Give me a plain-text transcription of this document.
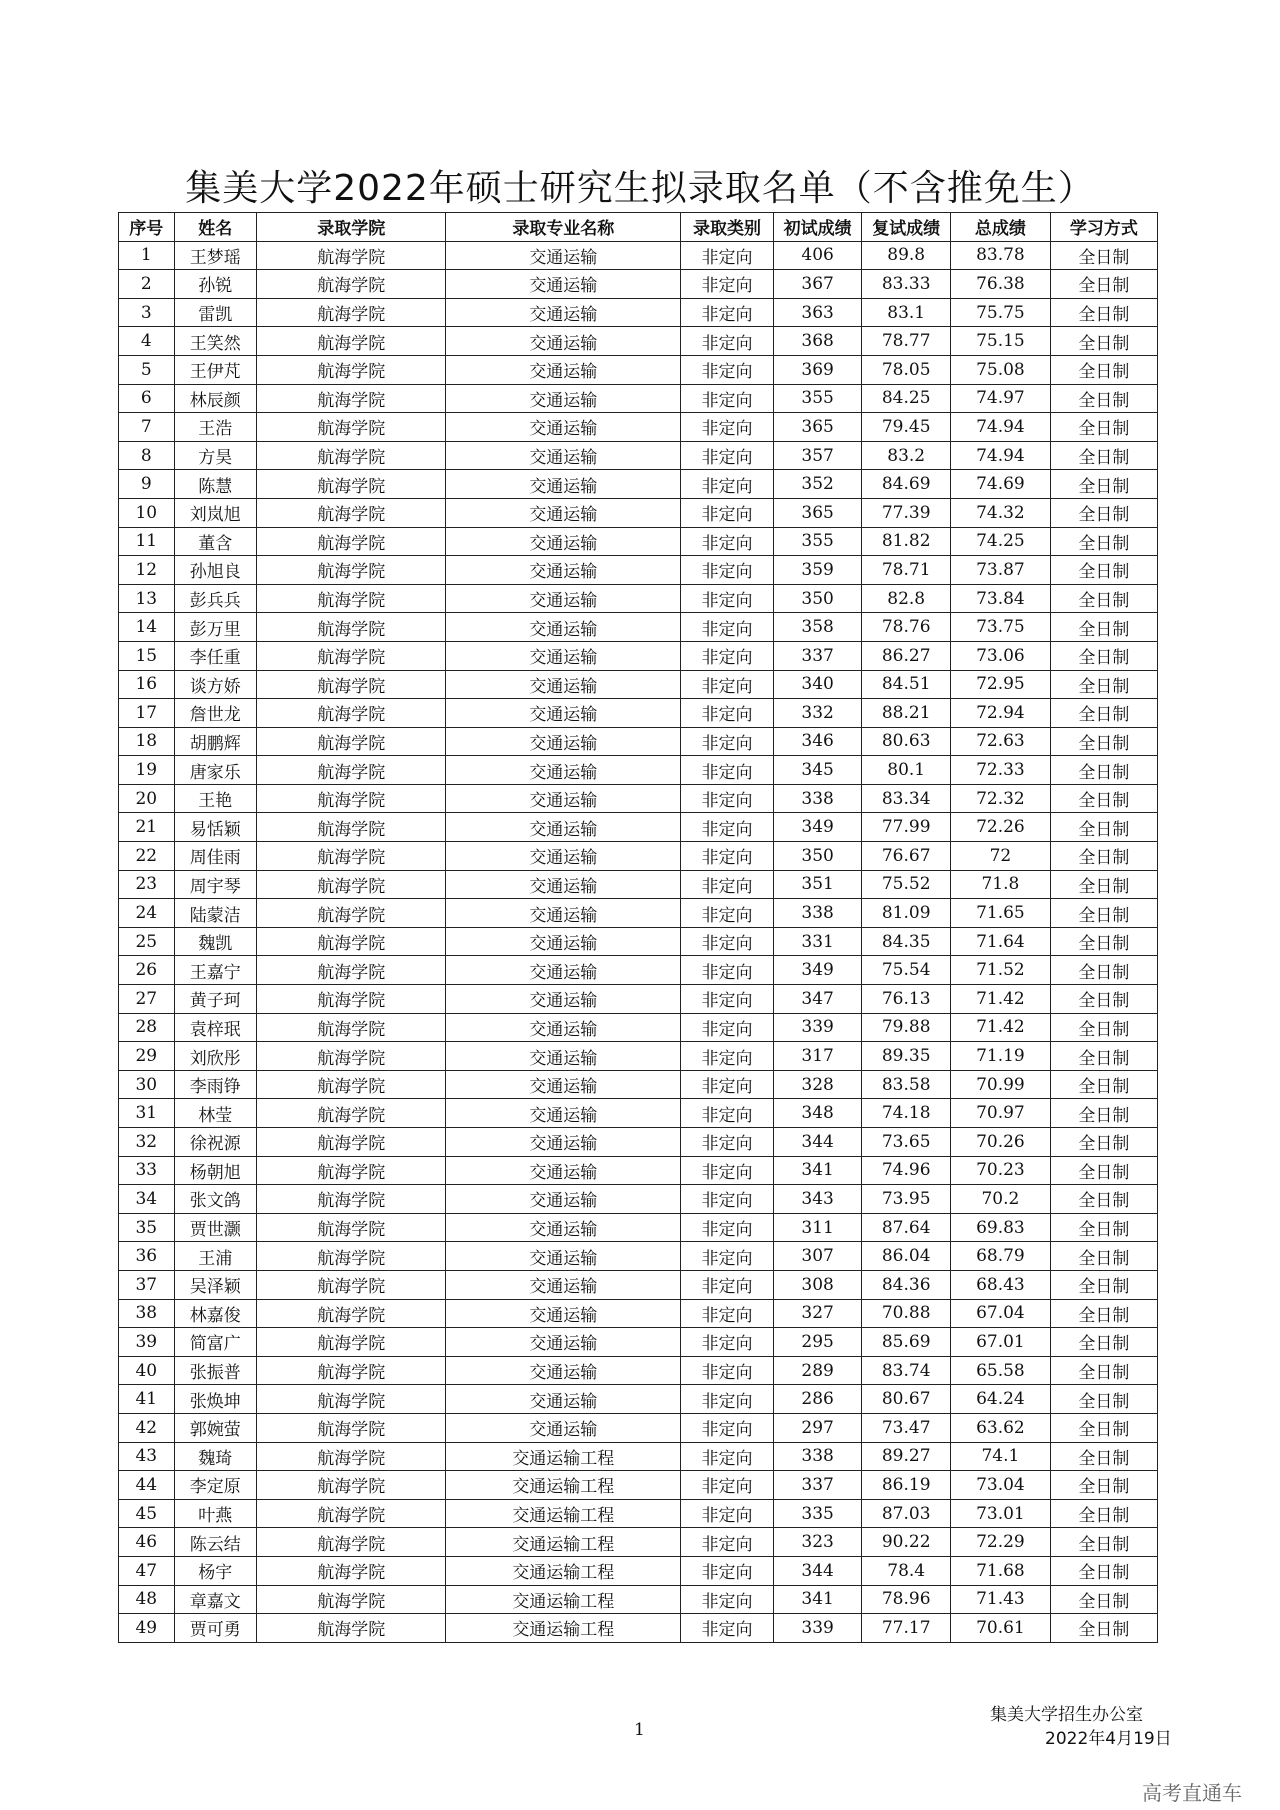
集美大学2022年硕士研究生拟录取名单（不含推免生）
序号	姓名	录取学院	录取专业名称	录取类别	初试成绩	复试成绩	总成绩	学习方式
1	王梦瑶	航海学院	交通运输	非定向	406	89.8	83.78	全日制
2	孙锐	航海学院	交通运输	非定向	367	83.33	76.38	全日制
3	雷凯	航海学院	交通运输	非定向	363	83.1	75.75	全日制
4	王笑然	航海学院	交通运输	非定向	368	78.77	75.15	全日制
5	王伊芃	航海学院	交通运输	非定向	369	78.05	75.08	全日制
6	林辰颜	航海学院	交通运输	非定向	355	84.25	74.97	全日制
7	王浩	航海学院	交通运输	非定向	365	79.45	74.94	全日制
8	方昊	航海学院	交通运输	非定向	357	83.2	74.94	全日制
9	陈慧	航海学院	交通运输	非定向	352	84.69	74.69	全日制
10	刘岚旭	航海学院	交通运输	非定向	365	77.39	74.32	全日制
11	董含	航海学院	交通运输	非定向	355	81.82	74.25	全日制
12	孙旭良	航海学院	交通运输	非定向	359	78.71	73.87	全日制
13	彭兵兵	航海学院	交通运输	非定向	350	82.8	73.84	全日制
14	彭万里	航海学院	交通运输	非定向	358	78.76	73.75	全日制
15	李任重	航海学院	交通运输	非定向	337	86.27	73.06	全日制
16	谈方娇	航海学院	交通运输	非定向	340	84.51	72.95	全日制
17	詹世龙	航海学院	交通运输	非定向	332	88.21	72.94	全日制
18	胡鹏辉	航海学院	交通运输	非定向	346	80.63	72.63	全日制
19	唐家乐	航海学院	交通运输	非定向	345	80.1	72.33	全日制
20	王艳	航海学院	交通运输	非定向	338	83.34	72.32	全日制
21	易恬颖	航海学院	交通运输	非定向	349	77.99	72.26	全日制
22	周佳雨	航海学院	交通运输	非定向	350	76.67	72	全日制
23	周宇琴	航海学院	交通运输	非定向	351	75.52	71.8	全日制
24	陆蒙洁	航海学院	交通运输	非定向	338	81.09	71.65	全日制
25	魏凯	航海学院	交通运输	非定向	331	84.35	71.64	全日制
26	王嘉宁	航海学院	交通运输	非定向	349	75.54	71.52	全日制
27	黄子珂	航海学院	交通运输	非定向	347	76.13	71.42	全日制
28	袁梓珉	航海学院	交通运输	非定向	339	79.88	71.42	全日制
29	刘欣彤	航海学院	交通运输	非定向	317	89.35	71.19	全日制
30	李雨铮	航海学院	交通运输	非定向	328	83.58	70.99	全日制
31	林莹	航海学院	交通运输	非定向	348	74.18	70.97	全日制
32	徐祝源	航海学院	交通运输	非定向	344	73.65	70.26	全日制
33	杨朝旭	航海学院	交通运输	非定向	341	74.96	70.23	全日制
34	张文鸽	航海学院	交通运输	非定向	343	73.95	70.2	全日制
35	贾世灏	航海学院	交通运输	非定向	311	87.64	69.83	全日制
36	王浦	航海学院	交通运输	非定向	307	86.04	68.79	全日制
37	吴泽颖	航海学院	交通运输	非定向	308	84.36	68.43	全日制
38	林嘉俊	航海学院	交通运输	非定向	327	70.88	67.04	全日制
39	简富广	航海学院	交通运输	非定向	295	85.69	67.01	全日制
40	张振普	航海学院	交通运输	非定向	289	83.74	65.58	全日制
41	张焕坤	航海学院	交通运输	非定向	286	80.67	64.24	全日制
42	郭婉萤	航海学院	交通运输	非定向	297	73.47	63.62	全日制
43	魏琦	航海学院	交通运输工程	非定向	338	89.27	74.1	全日制
44	李定原	航海学院	交通运输工程	非定向	337	86.19	73.04	全日制
45	叶燕	航海学院	交通运输工程	非定向	335	87.03	73.01	全日制
46	陈云结	航海学院	交通运输工程	非定向	323	90.22	72.29	全日制
47	杨宇	航海学院	交通运输工程	非定向	344	78.4	71.68	全日制
48	章嘉文	航海学院	交通运输工程	非定向	341	78.96	71.43	全日制
49	贾可勇	航海学院	交通运输工程	非定向	339	77.17	70.61	全日制
1
集美大学招生办公室
2022年4月19日
高考直通车
